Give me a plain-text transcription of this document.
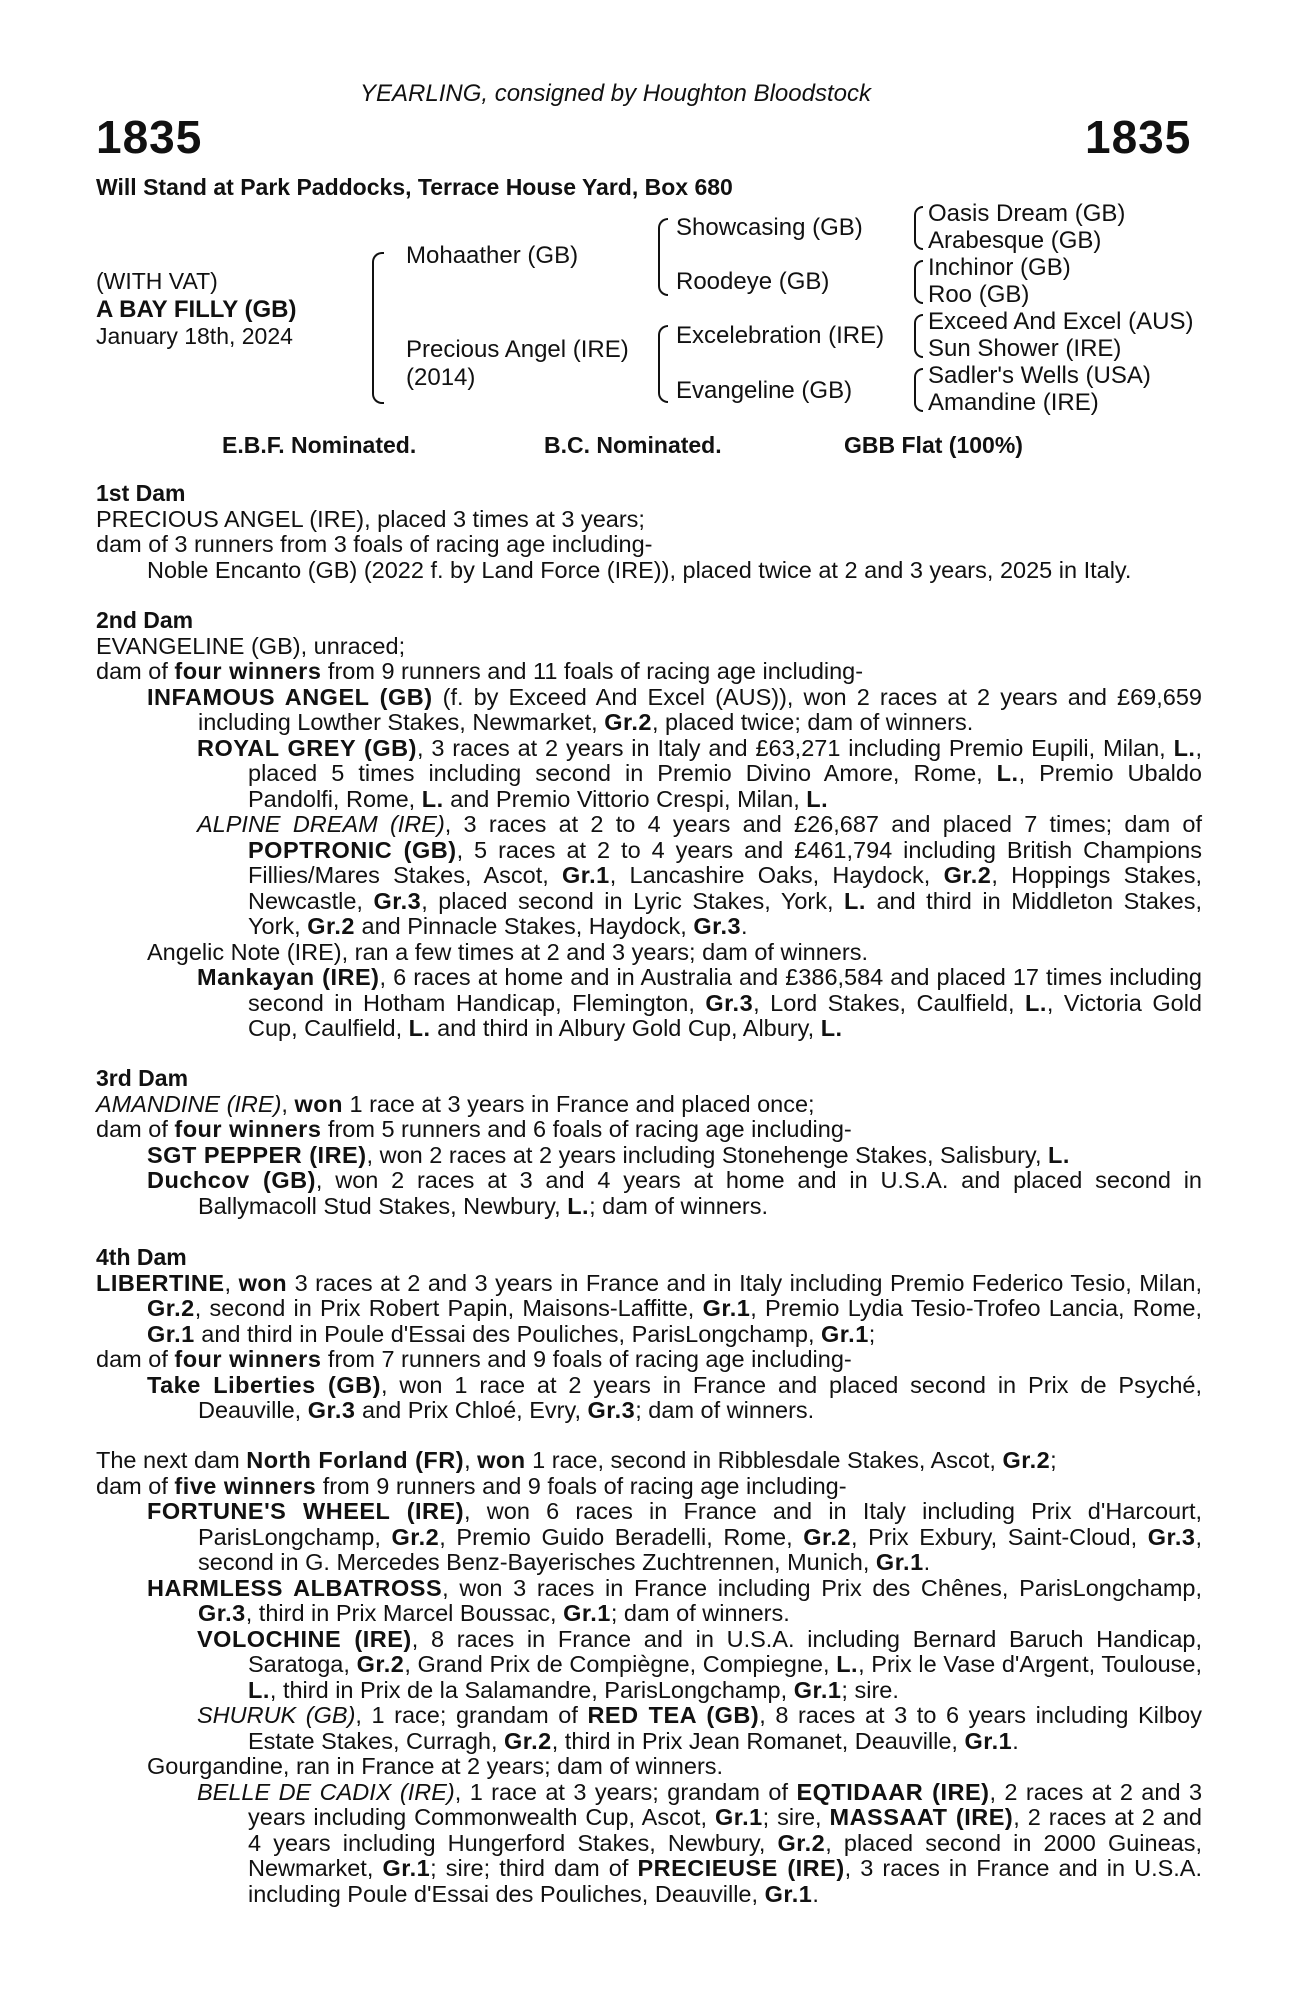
YEARLING, consigned by Houghton Bloodstock
1835	1835
Will Stand at Park Paddocks, Terrace House Yard, Box 680
(WITH VAT)
A BAY FILLY (GB)
January 18th, 2024
Mohaather (GB)
Precious Angel (IRE)
(2014)
Showcasing (GB)
Roodeye (GB)
Excelebration (IRE)
Evangeline (GB)
Oasis Dream (GB)
Arabesque (GB)
Inchinor (GB)
Roo (GB)
Exceed And Excel (AUS)
Sun Shower (IRE)
Sadler's Wells (USA)
Amandine (IRE)
E.B.F. Nominated.	B.C. Nominated.	GBB Flat (100%)

1st Dam

PRECIOUS ANGEL (IRE), placed 3 times at 3 years;

dam of 3 runners from 3 foals of racing age including-

Noble Encanto (GB) (2022 f. by Land Force (IRE)), placed twice at 2 and 3 years, 2025 in Italy.

2nd Dam

EVANGELINE (GB), unraced;

dam of four winners from 9 runners and 11 foals of racing age including-

INFAMOUS ANGEL (GB) (f. by Exceed And Excel (AUS)), won 2 races at 2 years and £69,659 including Lowther Stakes, Newmarket, Gr.2, placed twice; dam of winners.

ROYAL GREY (GB), 3 races at 2 years in Italy and £63,271 including Premio Eupili, Milan, L., placed 5 times including second in Premio Divino Amore, Rome, L., Premio Ubaldo Pandolfi, Rome, L. and Premio Vittorio Crespi, Milan, L.

ALPINE DREAM (IRE), 3 races at 2 to 4 years and £26,687 and placed 7 times; dam of POPTRONIC (GB), 5 races at 2 to 4 years and £461,794 including British Champions Fillies/Mares Stakes, Ascot, Gr.1, Lancashire Oaks, Haydock, Gr.2, Hoppings Stakes, Newcastle, Gr.3, placed second in Lyric Stakes, York, L. and third in Middleton Stakes, York, Gr.2 and Pinnacle Stakes, Haydock, Gr.3.

Angelic Note (IRE), ran a few times at 2 and 3 years; dam of winners.

Mankayan (IRE), 6 races at home and in Australia and £386,584 and placed 17 times including second in Hotham Handicap, Flemington, Gr.3, Lord Stakes, Caulfield, L., Victoria Gold Cup, Caulfield, L. and third in Albury Gold Cup, Albury, L.

3rd Dam

AMANDINE (IRE), won 1 race at 3 years in France and placed once;

dam of four winners from 5 runners and 6 foals of racing age including-

SGT PEPPER (IRE), won 2 races at 2 years including Stonehenge Stakes, Salisbury, L.

Duchcov (GB), won 2 races at 3 and 4 years at home and in U.S.A. and placed second in Ballymacoll Stud Stakes, Newbury, L.; dam of winners.

4th Dam

LIBERTINE, won 3 races at 2 and 3 years in France and in Italy including Premio Federico Tesio, Milan, Gr.2, second in Prix Robert Papin, Maisons-Laffitte, Gr.1, Premio Lydia Tesio-Trofeo Lancia, Rome, Gr.1 and third in Poule d'Essai des Pouliches, ParisLongchamp, Gr.1;

dam of four winners from 7 runners and 9 foals of racing age including-

Take Liberties (GB), won 1 race at 2 years in France and placed second in Prix de Psyché, Deauville, Gr.3 and Prix Chloé, Evry, Gr.3; dam of winners.

The next dam North Forland (FR), won 1 race, second in Ribblesdale Stakes, Ascot, Gr.2;

dam of five winners from 9 runners and 9 foals of racing age including-

FORTUNE'S WHEEL (IRE), won 6 races in France and in Italy including Prix d'Harcourt, ParisLongchamp, Gr.2, Premio Guido Beradelli, Rome, Gr.2, Prix Exbury, Saint-Cloud, Gr.3, second in G. Mercedes Benz-Bayerisches Zuchtrennen, Munich, Gr.1.

HARMLESS ALBATROSS, won 3 races in France including Prix des Chênes, ParisLongchamp, Gr.3, third in Prix Marcel Boussac, Gr.1; dam of winners.

VOLOCHINE (IRE), 8 races in France and in U.S.A. including Bernard Baruch Handicap, Saratoga, Gr.2, Grand Prix de Compiègne, Compiegne, L., Prix le Vase d'Argent, Toulouse, L., third in Prix de la Salamandre, ParisLongchamp, Gr.1; sire.

SHURUK (GB), 1 race; grandam of RED TEA (GB), 8 races at 3 to 6 years including Kilboy Estate Stakes, Curragh, Gr.2, third in Prix Jean Romanet, Deauville, Gr.1.

Gourgandine, ran in France at 2 years; dam of winners.

BELLE DE CADIX (IRE), 1 race at 3 years; grandam of EQTIDAAR (IRE), 2 races at 2 and 3 years including Commonwealth Cup, Ascot, Gr.1; sire, MASSAAT (IRE), 2 races at 2 and 4 years including Hungerford Stakes, Newbury, Gr.2, placed second in 2000 Guineas, Newmarket, Gr.1; sire; third dam of PRECIEUSE (IRE), 3 races in France and in U.S.A. including Poule d'Essai des Pouliches, Deauville, Gr.1.
